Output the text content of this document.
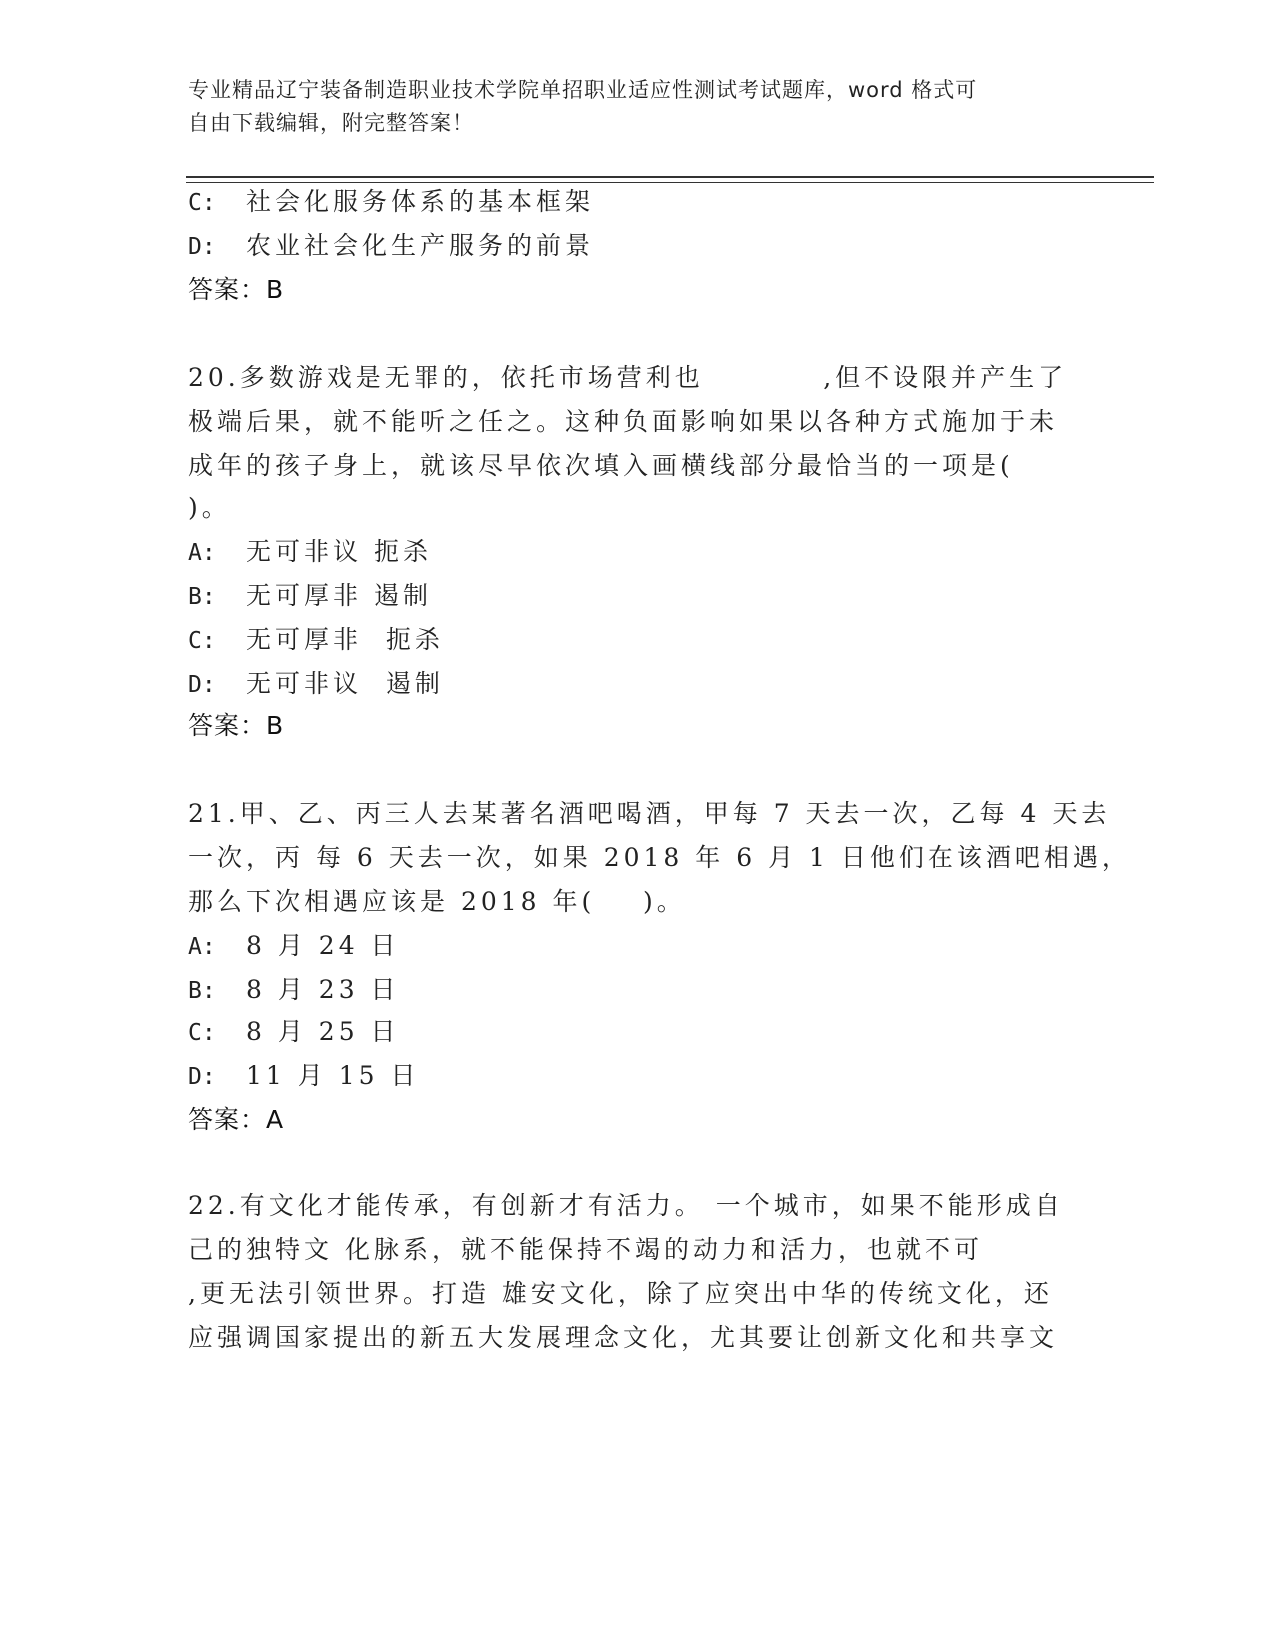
专业精品辽宁装备制造职业技术学院单招职业适应性测试考试题库，word 格式可
自由下载编辑，附完整答案！
C: 社会化服务体系的基本框架
D: 农业社会化生产服务的前景
答案：B
20.多数游戏是无罪的，依托市场营利也          ,但不设限并产生了
极端后果，就不能听之任之。这种负面影响如果以各种方式施加于未
成年的孩子身上，就该尽早依次填入画横线部分最恰当的一项是(
)。
A: 无可非议 扼杀
B: 无可厚非 遏制
C: 无可厚非  扼杀
D: 无可非议  遏制
答案：B
21.甲、乙、丙三人去某著名酒吧喝酒，甲每 7 天去一次，乙每 4 天去
一次，丙 每 6 天去一次，如果 2018 年 6 月 1 日他们在该酒吧相遇，
那么下次相遇应该是 2018 年(    )。
A: 8 月 24 日
B: 8 月 23 日
C: 8 月 25 日
D: 11 月 15 日
答案：A
22.有文化才能传承，有创新才有活力。 一个城市，如果不能形成自
己的独特文 化脉系，就不能保持不竭的动力和活力，也就不可
,更无法引领世界。打造 雄安文化，除了应突出中华的传统文化，还
应强调国家提出的新五大发展理念文化，尤其要让创新文化和共享文
